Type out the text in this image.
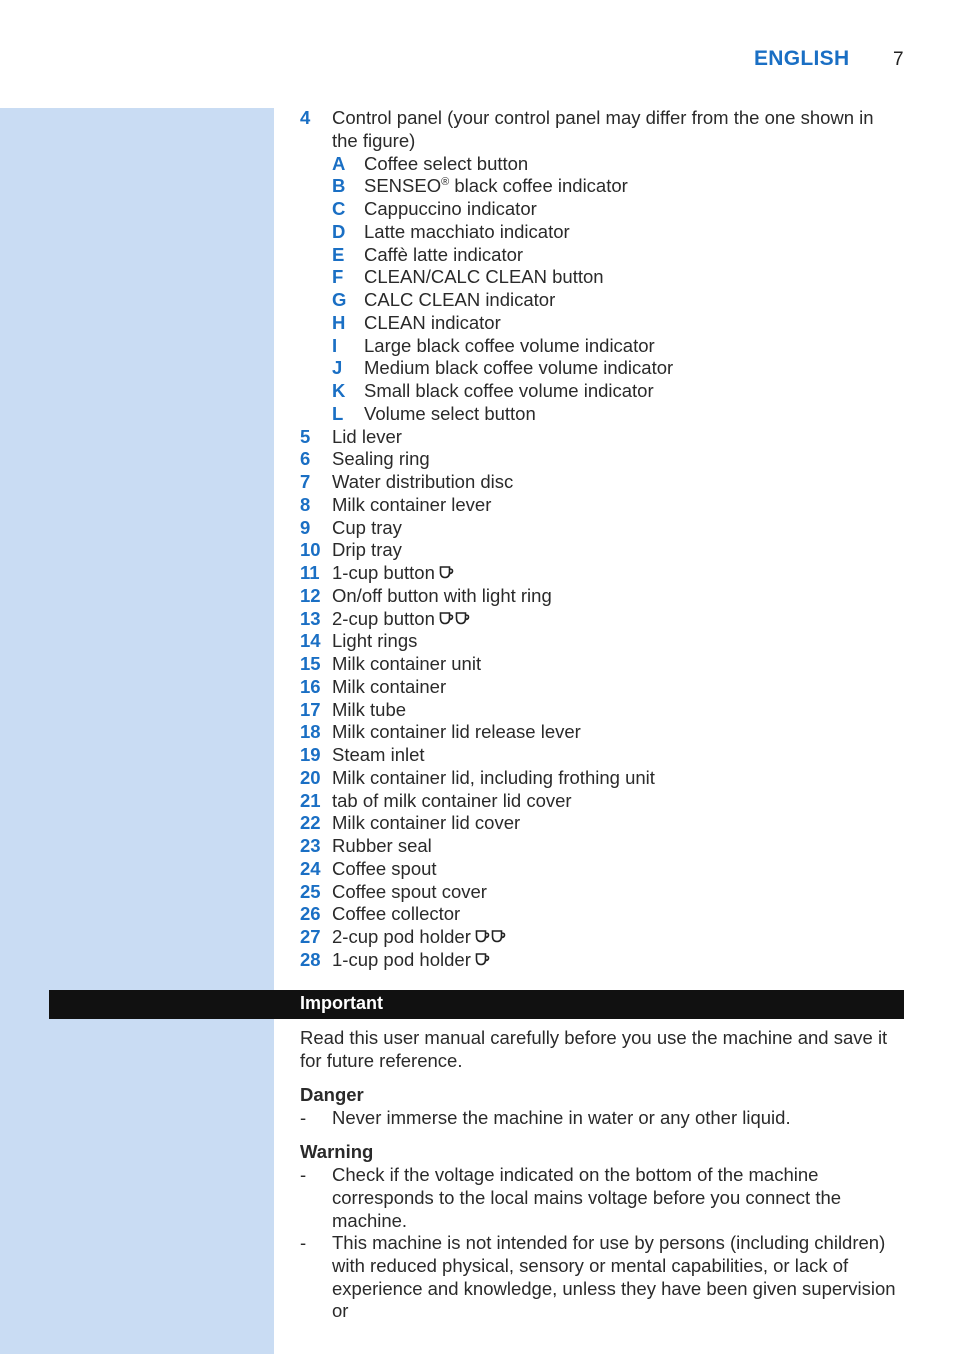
ENGLISH 7
4 Control panel (your control panel may differ from the one shown in the figure)
A Coffee select button
B SENSEO® black coffee indicator
C Cappuccino indicator
D Latte macchiato indicator
E Caffè latte indicator
F CLEAN/CALC CLEAN button
G CALC CLEAN indicator
H CLEAN indicator
I Large black coffee volume indicator
J Medium black coffee volume indicator
K Small black coffee volume indicator
L Volume select button
5 Lid lever
6 Sealing ring
7 Water distribution disc
8 Milk container lever
9 Cup tray
10 Drip tray
11 1-cup button
12 On/off button with light ring
13 2-cup button
14 Light rings
15 Milk container unit
16 Milk container
17 Milk tube
18 Milk container lid release lever
19 Steam inlet
20 Milk container lid, including frothing unit
21 tab of milk container lid cover
22 Milk container lid cover
23 Rubber seal
24 Coffee spout
25 Coffee spout cover
26 Coffee collector
27 2-cup pod holder
28 1-cup pod holder
Important
Read this user manual carefully before you use the machine and save it for future reference.
Danger
- Never immerse the machine in water or any other liquid.
Warning
- Check if the voltage indicated on the bottom of the machine corresponds to the local mains voltage before you connect the machine.
- This machine is not intended for use by persons (including children) with reduced physical, sensory or mental capabilities, or lack of experience and knowledge, unless they have been given supervision or
